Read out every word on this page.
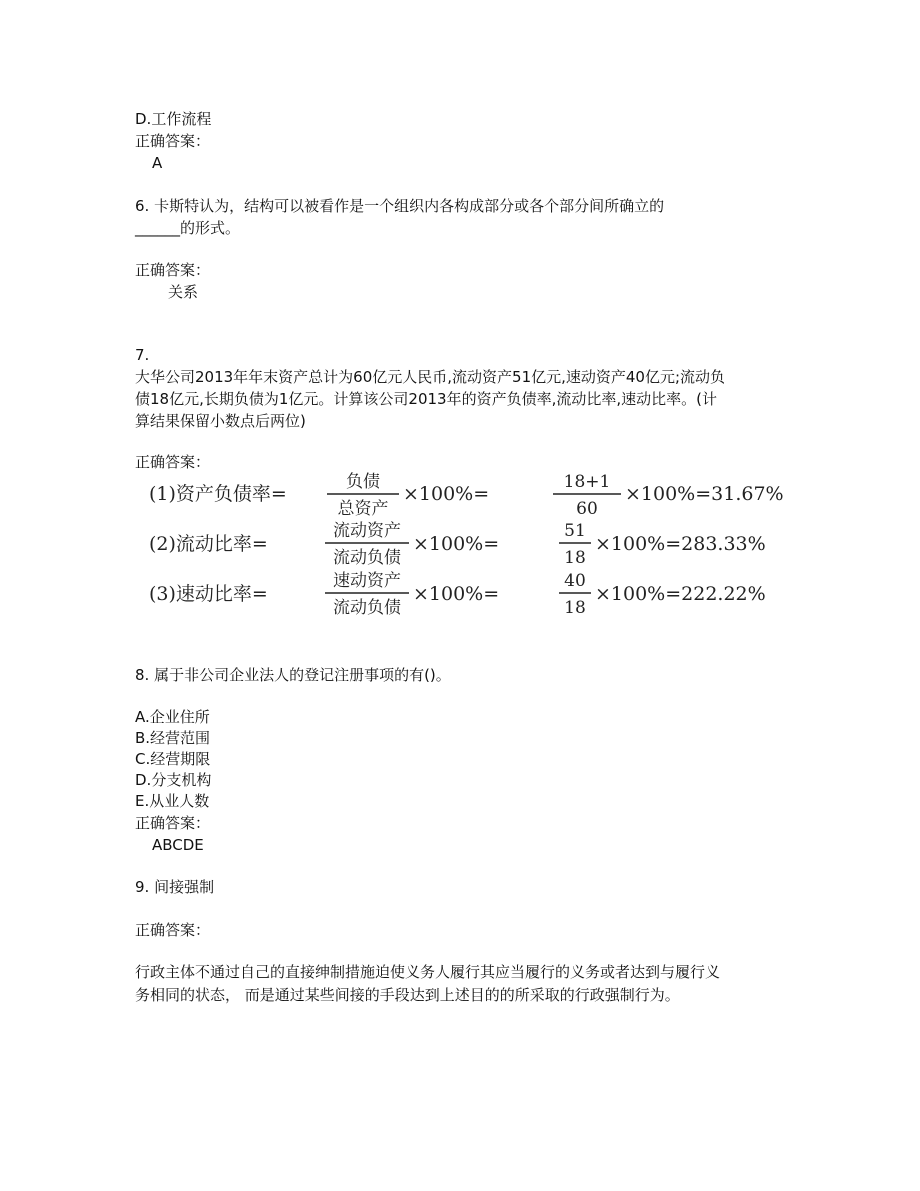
D.工作流程
正确答案：
A
6. 卡斯特认为，结构可以被看作是一个组织内各构成部分或各个部分间所确立的
______的形式。
正确答案：
关系
7.
大华公司2013年年末资产总计为60亿元人民币,流动资产51亿元,速动资产40亿元;流动负
债18亿元,长期负债为1亿元。计算该公司2013年的资产负债率,流动比率,速动比率。(计
算结果保留小数点后两位)
正确答案：
(1)资产负债率=
负债
总资产
×100%=
18+1
60
×100%=31.67%
(2)流动比率=
流动资产
流动负债
×100%=
51
18
×100%=283.33%
(3)速动比率=
速动资产
流动负债
×100%=
40
18
×100%=222.22%
8. 属于非公司企业法人的登记注册事项的有()。
A.企业住所
B.经营范围
C.经营期限
D.分支机构
E.从业人数
正确答案：
ABCDE
9. 间接强制
正确答案：
行政主体不通过自己的直接绅制措施迫使义务人履行其应当履行的义务或者达到与履行义
务相同的状态， 而是通过某些间接的手段达到上述目的的所采取的行政强制行为。
